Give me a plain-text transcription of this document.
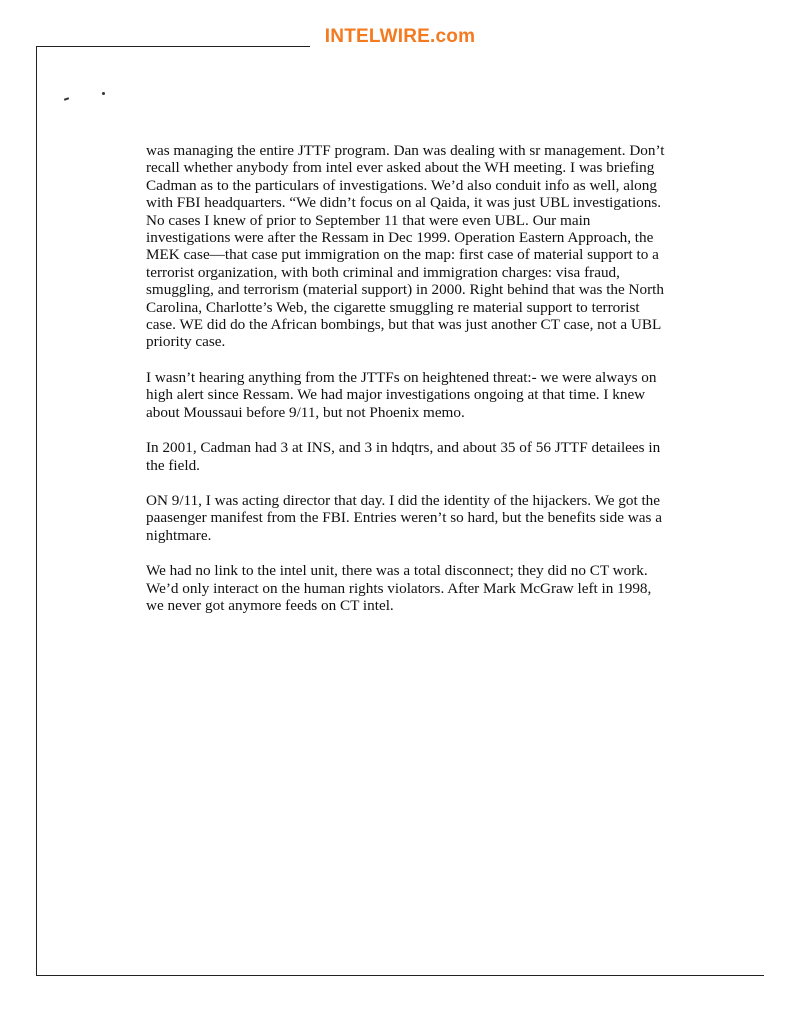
INTELWIRE.com

was managing the entire JTTF program. Dan was dealing with sr management. Don’t recall whether anybody from intel ever asked about the WH meeting. I was briefing Cadman as to the particulars of investigations. We’d also conduit info as well, along with FBI headquarters. “We didn’t focus on al Qaida, it was just UBL investigations. No cases I knew of prior to September 11 that were even UBL. Our main investigations were after the Ressam in Dec 1999. Operation Eastern Approach, the MEK case—that case put immigration on the map: first case of material support to a terrorist organization, with both criminal and immigration charges: visa fraud, smuggling, and terrorism (material support) in 2000. Right behind that was the North Carolina, Charlotte’s Web, the cigarette smuggling re material support to terrorist case. WE did do the African bombings, but that was just another CT case, not a UBL priority case.

I wasn’t hearing anything from the JTTFs on heightened threat:- we were always on high alert since Ressam. We had major investigations ongoing at that time. I knew about Moussaui before 9/11, but not Phoenix memo.

In 2001, Cadman had 3 at INS, and 3 in hdqtrs, and about 35 of 56 JTTF detailees in the field.

ON 9/11, I was acting director that day. I did the identity of the hijackers. We got the paasenger manifest from the FBI. Entries weren’t so hard, but the benefits side was a nightmare.

We had no link to the intel unit, there was a total disconnect; they did no CT work. We’d only interact on the human rights violators. After Mark McGraw left in 1998, we never got anymore feeds on CT intel.
